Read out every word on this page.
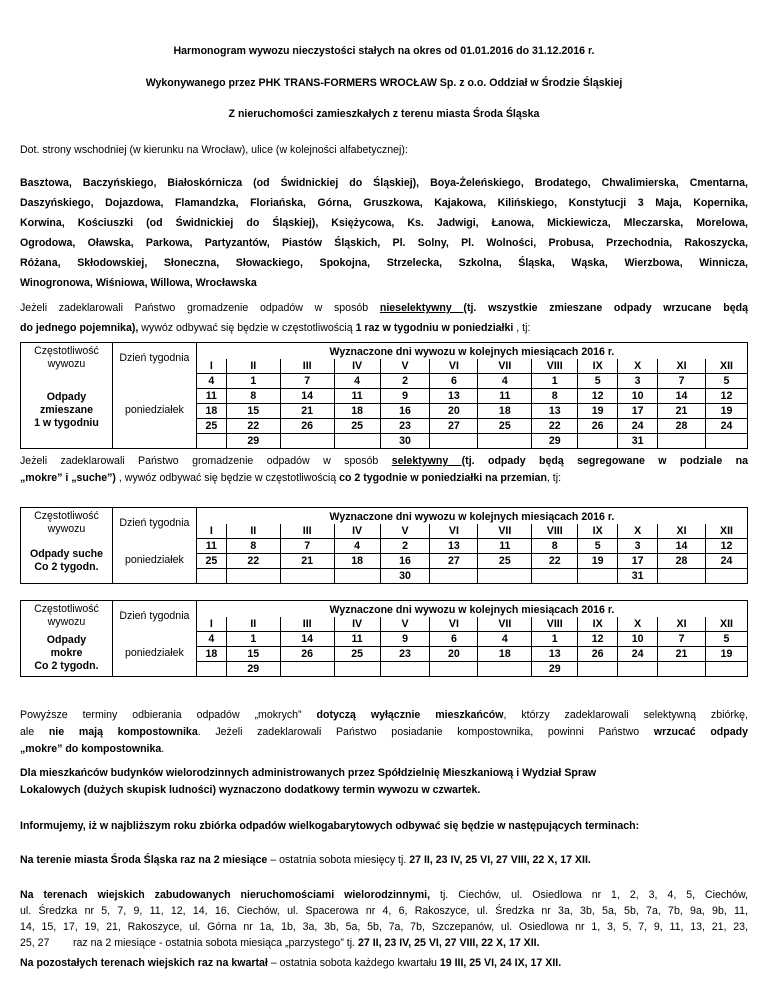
Harmonogram wywozu nieczystości stałych na okres od 01.01.2016 do 31.12.2016 r.
Wykonywanego przez PHK TRANS-FORMERS WROCŁAW Sp. z o.o. Oddział w Środzie Śląskiej
Z nieruchomości zamieszkałych z terenu miasta Środa Śląska
Dot. strony wschodniej (w kierunku na Wrocław), ulice (w kolejności alfabetycznej):
Basztowa, Baczyńskiego, Białoskórnicza (od Świdnickiej do Śląskiej), Boya-Żeleńskiego, Brodatego, Chwalimierska, Cmentarna,
Daszyńskiego, Dojazdowa, Flamandzka, Floriańska, Górna, Gruszkowa, Kajakowa, Kilińskiego, Konstytucji 3 Maja, Kopernika,
Korwina, Kościuszki (od Świdnickiej do Śląskiej), Księżycowa, Ks. Jadwigi, Łanowa, Mickiewicza, Mleczarska, Morelowa,
Ogrodowa, Oławska, Parkowa, Partyzantów, Piastów Śląskich, Pl. Solny, Pl. Wolności, Probusa, Przechodnia, Rakoszycka,
Różana, Skłodowskiej, Słoneczna, Słowackiego, Spokojna, Strzelecka, Szkolna, Śląska, Wąska, Wierzbowa, Winnicza,
Winogronowa, Wiśniowa, Willowa, Wrocławska
Jeżeli zadeklarowali Państwo gromadzenie odpadów w sposób nieselektywny (tj. wszystkie zmieszane odpady wrzucane będą
do jednego pojemnika), wywóz odbywać się będzie w częstotliwością 1 raz w tygodniu w poniedziałki , tj:
Częstotliwość
wywozu	Dzień tygodnia	Wyznaczone dni wywozu w kolejnych miesiącach 2016 r.											
		I	II	III	IV	V	VI	VII	VIII	IX	X	XI	XII

Odpady
zmieszane
1 w tygodniu	poniedziałek	4	1	7	4	2	6	4	1	5	3	7	5
		11	8	14	11	9	13	11	8	12	10	14	12
		18	15	21	18	16	20	18	13	19	17	21	19
		25	22	26	25	23	27	25	22	26	24	28	24
			29			30			29		31		
Jeżeli zadeklarowali Państwo gromadzenie odpadów w sposób selektywny (tj. odpady będą segregowane w podziale na
„mokre” i „suche”) , wywóz odbywać się będzie w częstotliwością co 2 tygodnie w poniedziałki na przemian, tj:
Częstotliwość
wywozu	Dzień tygodnia	Wyznaczone dni wywozu w kolejnych miesiącach 2016 r.											
		I	II	III	IV	V	VI	VII	VIII	IX	X	XI	XII

Odpady suche
Co 2 tygodn.	poniedziałek	11	8	7	4	2	13	11	8	5	3	14	12
		25	22	21	18	16	27	25	22	19	17	28	24
						30					31		
Częstotliwość
wywozu	Dzień tygodnia	Wyznaczone dni wywozu w kolejnych miesiącach 2016 r.											
		I	II	III	IV	V	VI	VII	VIII	IX	X	XI	XII

Odpady
mokre
Co 2 tygodn.	poniedziałek	4	1	14	11	9	6	4	1	12	10	7	5
		18	15	26	25	23	20	18	13	26	24	21	19
			29						29				
Powyższe terminy odbierania odpadów „mokrych” dotyczą wyłącznie mieszkańców, którzy zadeklarowali selektywną zbiórkę,
ale nie mają kompostownika. Jeżeli zadeklarowali Państwo posiadanie kompostownika, powinni Państwo wrzucać odpady
„mokre” do kompostownika.
Dla mieszkańców budynków wielorodzinnych administrowanych przez Spółdzielnię Mieszkaniową i Wydział Spraw
Lokalowych (dużych skupisk ludności) wyznaczono dodatkowy termin wywozu w czwartek.
Informujemy, iż w najbliższym roku zbiórka odpadów wielkogabarytowych odbywać się będzie w następujących terminach:
Na terenie miasta Środa Śląska raz na 2 miesiące – ostatnia sobota miesięcy tj. 27 II, 23 IV, 25 VI, 27 VIII, 22 X, 17 XII.
Na terenach wiejskich zabudowanych nieruchomościami wielorodzinnymi, tj. Ciechów, ul. Osiedlowa nr 1, 2, 3, 4, 5, Ciechów,
ul. Średzka nr 5, 7, 9, 11, 12, 14, 16, Ciechów, ul. Spacerowa nr 4, 6, Rakoszyce, ul. Średzka nr 3a, 3b, 5a, 5b, 7a, 7b, 9a, 9b, 11,
14, 15, 17, 19, 21, Rakoszyce, ul. Górna nr 1a, 1b, 3a, 3b, 5a, 5b, 7a, 7b, Szczepanów, ul. Osiedlowa nr 1, 3, 5, 7, 9, 11, 13, 21, 23,
25, 27        raz na 2 miesiące - ostatnia sobota miesiąca „parzystego” tj. 27 II, 23 IV, 25 VI, 27 VIII, 22 X, 17 XII.
Na pozostałych terenach wiejskich raz na kwartał – ostatnia sobota każdego kwartału 19 III, 25 VI, 24 IX, 17 XII.
